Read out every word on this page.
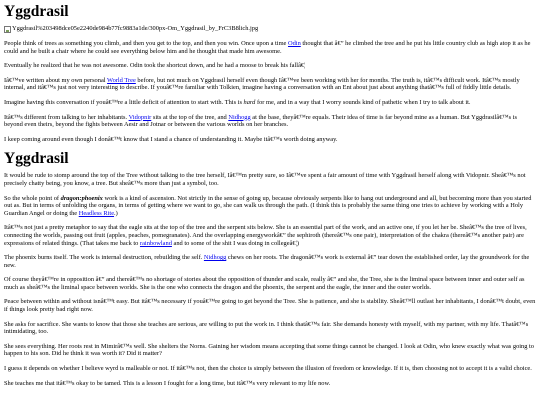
Yggdrasil
Yggdrasil%203498dce05e2240de984b77fc9883a1de/300px-Om_Yggdrasil_by_FrC3B8lich.jpg

People think of trees as something you climb, and then you get to the top, and then you win. Once upon a time Odin thought that â€” he climbed the tree and he put his little country club as high atop it as he could and he built a chair where he could see everything below him and he thought that made him awesome.

Eventually he realized that he was not awesome. Odin took the shortcut down, and he had a moose to break his fallâ€¦

Iâ€™ve written about my own personal World Tree before, but not much on Yggdrasil herself even though Iâ€™ve been working with her for months. The truth is, itâ€™s difficult work. Itâ€™s mostly internal, and itâ€™s just not very interesting to describe. If youâ€™re familiar with Tolkien, imagine having a conversation with an Ent about just about anything thatâ€™s full of fiddly little details.

Imagine having this conversation if youâ€™re a little deficit of attention to start with. This is hard for me, and in a way that I worry sounds kind of pathetic when I try to talk about it.

Itâ€™s different from talking to her inhabitants. Vidopnir sits at the top of the tree, and Nidhogg at the base, theyâ€™re equals. Their idea of time is far beyond mine as a human. But Yggdrasilâ€™s is beyond even theirs, beyond the fights between Aesir and Jotnar or between the various worlds on her branches.

I keep coming around even though I donâ€™t know that I stand a chance of understanding it. Maybe itâ€™s worth doing anyway.

Yggdrasil

It would be rude to stomp around the top of the Tree without talking to the tree herself, Iâ€™m pretty sure, so Iâ€™ve spent a fair amount of time with Yggdrasil herself along with Vidopnir. Sheâ€™s not precisely chatty being, you know, a tree. But sheâ€™s more than just a symbol, too.

So the whole point of dragon:phoenix work is a kind of ascension. Not strictly in the sense of going up, because obviously serpents like to hang out underground and all, but becoming more than you started out as. But in terms of unfolding the organs, in terms of getting where we want to go, she can walk us through the path. (I think this is probably the same thing one tries to achieve by working with a Holy Guardian Angel or doing the Headless Rite.)

Itâ€™s not just a pretty metaphor to say that the eagle sits at the top of the tree and the serpent sits below. She is an essential part of the work, and an active one, if you let her be. Sheâ€™s the tree of lives, connecting the worlds, passing out fruit (apples, peaches, pomegranates). And the overlapping energyworkâ€” the sephiroth (thereâ€™s one pair), interpretation of the chakra (thereâ€™s another pair) are expressions of related things. (That takes me back to rainbowland and to some of the shit I was doing in collegeâ€¦)

The phoenix burns itself. The work is internal destruction, rebuilding the self. Nidhogg chews on her roots. The dragonâ€™s work is external â€” tear down the established order, lay the groundwork for the new.

Of course theyâ€™re in opposition â€” and thereâ€™s no shortage of stories about the opposition of thunder and scale, really â€” and she, the Tree, she is the liminal space between inner and outer self as much as sheâ€™s the liminal space between worlds. She is the one who connects the dragon and the phoenix, the serpent and the eagle, the inner and the outer worlds.

Peace between within and without isnâ€™t easy. But itâ€™s necessary if youâ€™re going to get beyond the Tree. She is patience, and she is stability. Sheâ€™ll outlast her inhabitants, I donâ€™t doubt, even if things look pretty bad right now.

She asks for sacrifice. She wants to know that those she teaches are serious, are willing to put the work in. I think thatâ€™s fair. She demands honesty with myself, with my partner, with my life. Thatâ€™s intimidating, too.

She sees everything. Her roots rest in Mimirâ€™s well. She shelters the Norns. Gaining her wisdom means accepting that some things cannot be changed. I look at Odin, who knew exactly what was going to happen to his son. Did he think it was worth it? Did it matter?

I guess it depends on whether I believe wyrd is malleable or not. If itâ€™s not, then the choice is simply between the illusion of freedom or knowledge. If it is, then choosing not to accept it is a valid choice.

She teaches me that itâ€™s okay to be tamed. This is a lesson I fought for a long time, but itâ€™s very relevant to my life now.
